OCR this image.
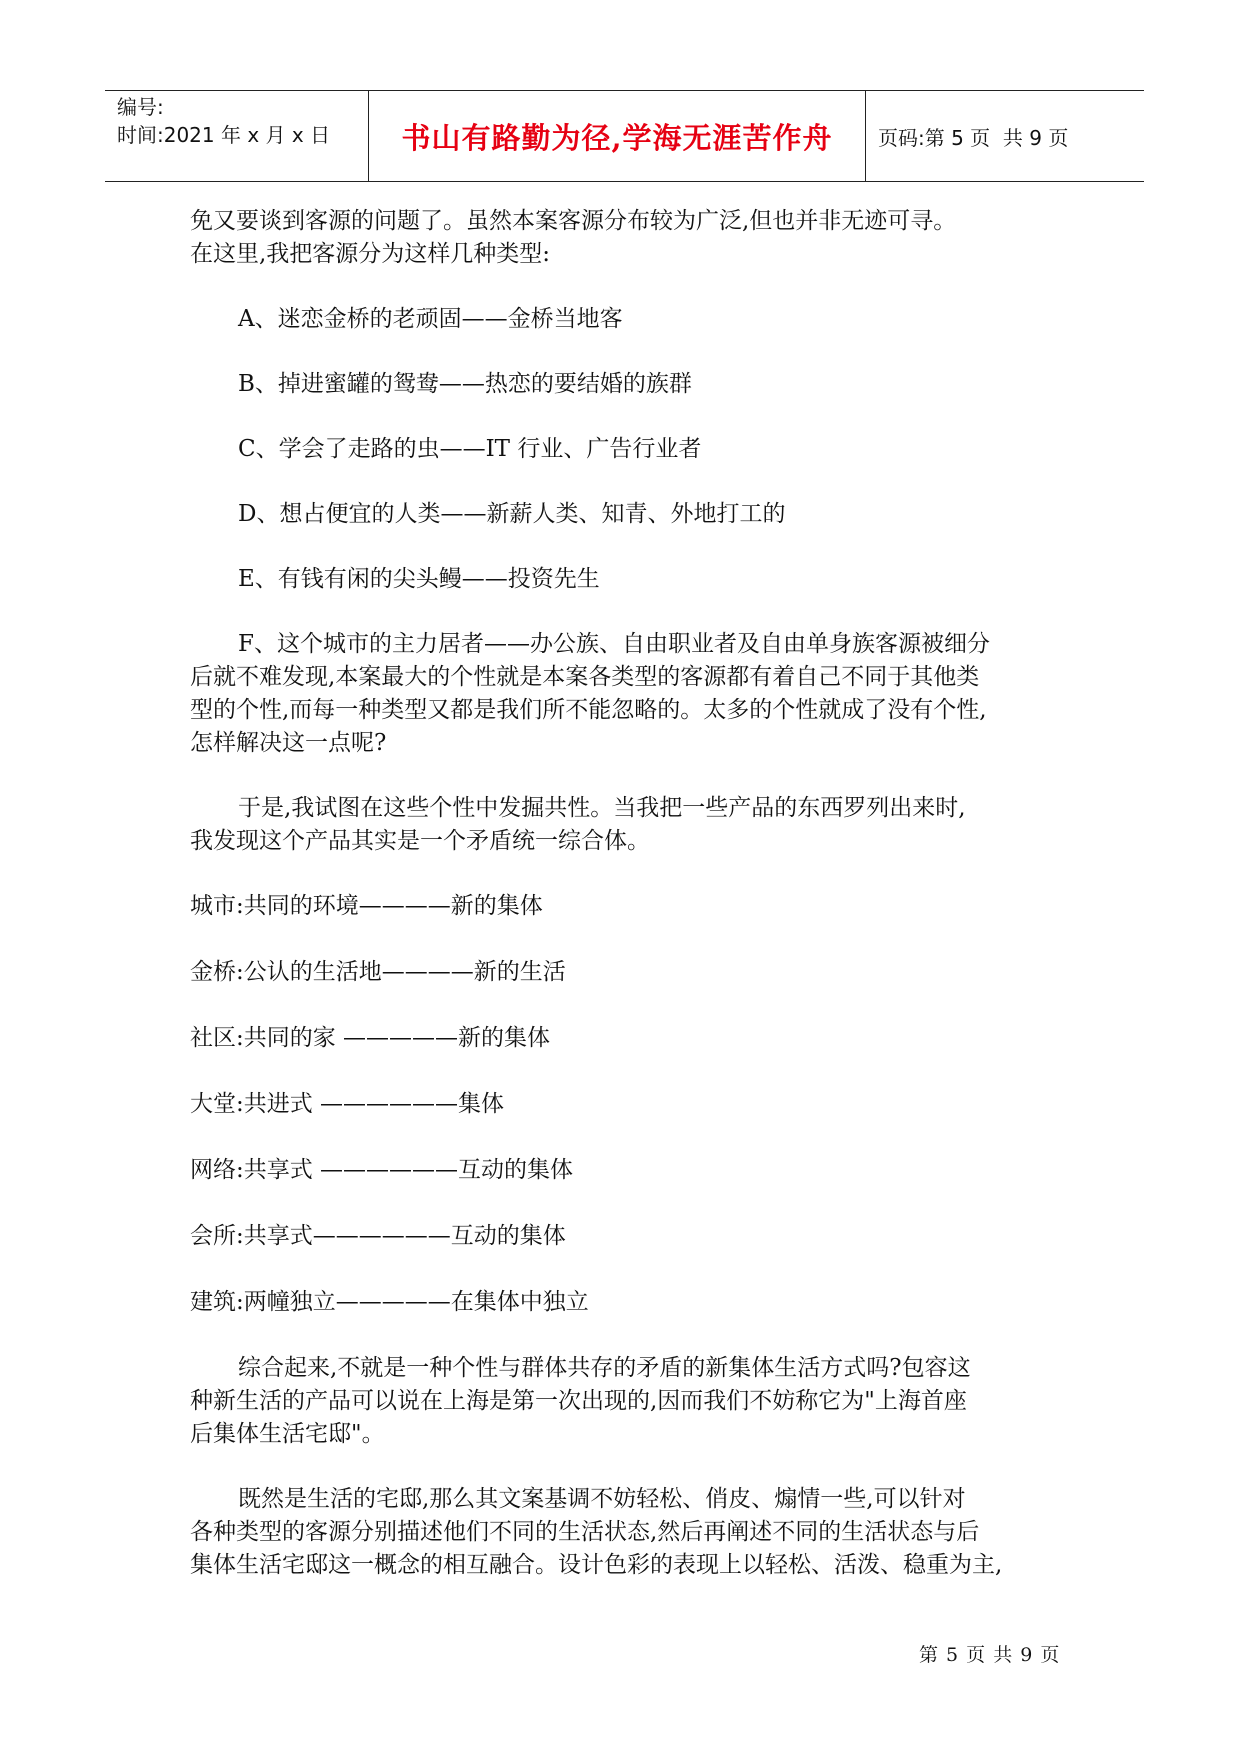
编号:
时间:2021 年 x 月 x 日	书山有路勤为径,学海无涯苦作舟	页码:第 5 页  共 9 页
免又要谈到客源的问题了。虽然本案客源分布较为广泛,但也并非无迹可寻。
在这里,我把客源分为这样几种类型:
A、迷恋金桥的老顽固——金桥当地客
B、掉进蜜罐的鸳鸯——热恋的要结婚的族群
C、学会了走路的虫——IT 行业、广告行业者
D、想占便宜的人类——新薪人类、知青、外地打工的
E、有钱有闲的尖头鳗——投资先生
F、这个城市的主力居者——办公族、自由职业者及自由单身族客源被细分
后就不难发现,本案最大的个性就是本案各类型的客源都有着自己不同于其他类
型的个性,而每一种类型又都是我们所不能忽略的。太多的个性就成了没有个性,
怎样解决这一点呢?
于是,我试图在这些个性中发掘共性。当我把一些产品的东西罗列出来时,
我发现这个产品其实是一个矛盾统一综合体。
城市:共同的环境————新的集体
金桥:公认的生活地————新的生活
社区:共同的家 —————新的集体
大堂:共进式 ——————集体
网络:共享式 ——————互动的集体
会所:共享式——————互动的集体
建筑:两幢独立—————在集体中独立
综合起来,不就是一种个性与群体共存的矛盾的新集体生活方式吗?包容这
种新生活的产品可以说在上海是第一次出现的,因而我们不妨称它为"上海首座
后集体生活宅邸"。
既然是生活的宅邸,那么其文案基调不妨轻松、俏皮、煽情一些,可以针对
各种类型的客源分别描述他们不同的生活状态,然后再阐述不同的生活状态与后
集体生活宅邸这一概念的相互融合。设计色彩的表现上以轻松、活泼、稳重为主,
第 5 页 共 9 页
